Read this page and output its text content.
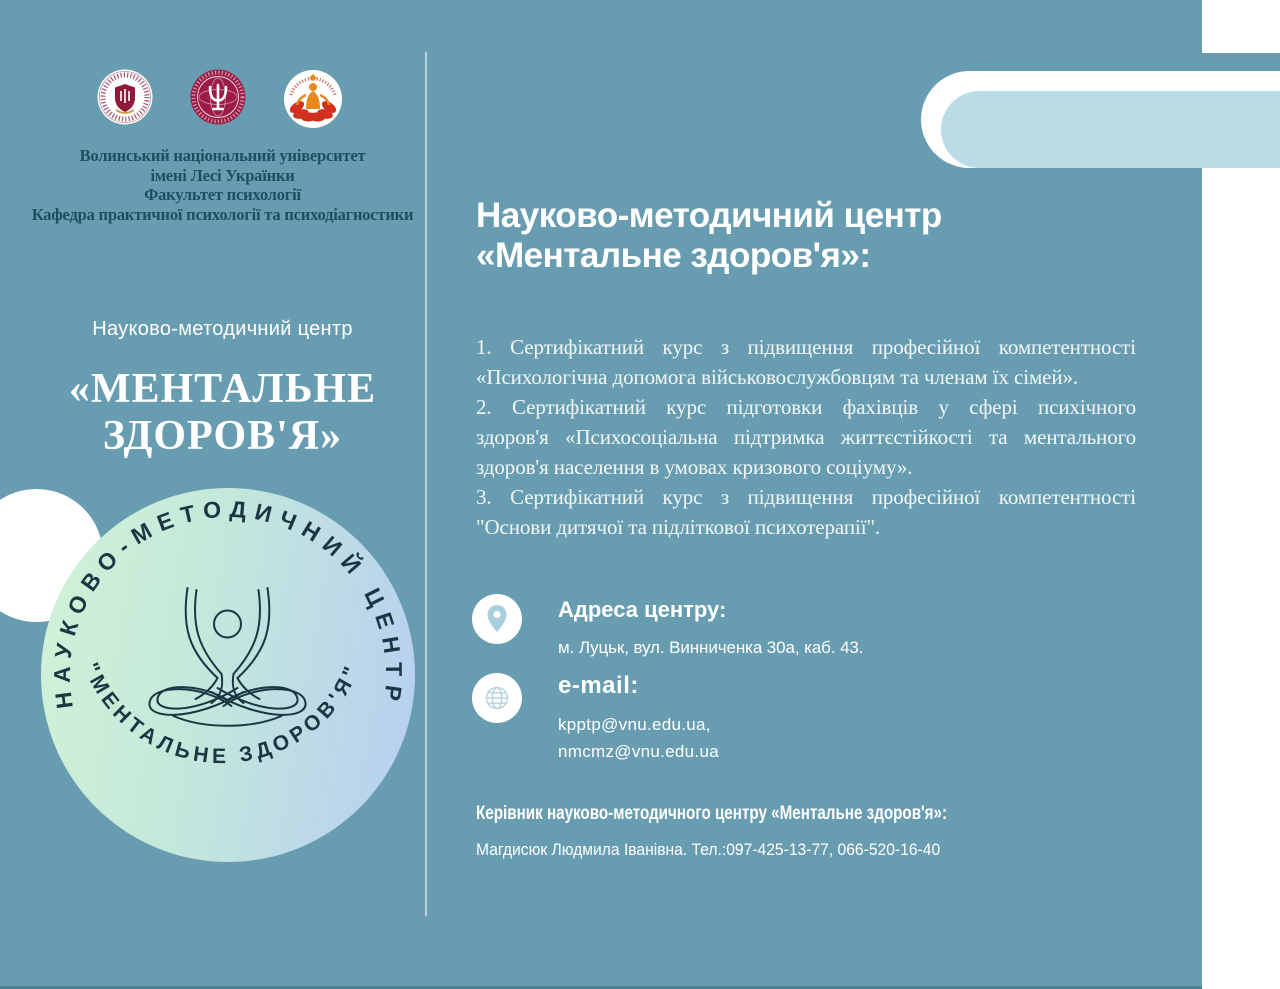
Волинський національний університет
імені Лесі Українки
Факультет психології
Кафедра практичної психології та психодіагностики
Науково-методичний центр
«МЕНТАЛЬНЕ
ЗДОРОВ'Я»
НАУКОВО-МЕТОДИЧНИЙ ЦЕНТР
"МЕНТАЛЬНЕ ЗДОРОВ'Я"
Науково-методичний центр
«Ментальне здоров'я»:
1. Сертифікатний курс з підвищення професійної компетентності
«Психологічна допомога військовослужбовцям та членам їх сімей».
2. Сертифікатний курс підготовки фахівців у сфері психічного
здоров'я «Психосоціальна підтримка життєстійкості та ментального
здоров'я населення в умовах кризового соціуму».
3. Сертифікатний курс з підвищення професійної компетентності
"Основи дитячої та підліткової психотерапії".
Адреса центру:
м. Луцьк, вул. Винниченка 30а, каб. 43.
e-mail:
kpptp@vnu.edu.ua,
nmcmz@vnu.edu.ua
Керівник науково-методичного центру «Ментальне здоров'я»:
Магдисюк Людмила Іванівна. Тел.:097-425-13-77, 066-520-16-40
